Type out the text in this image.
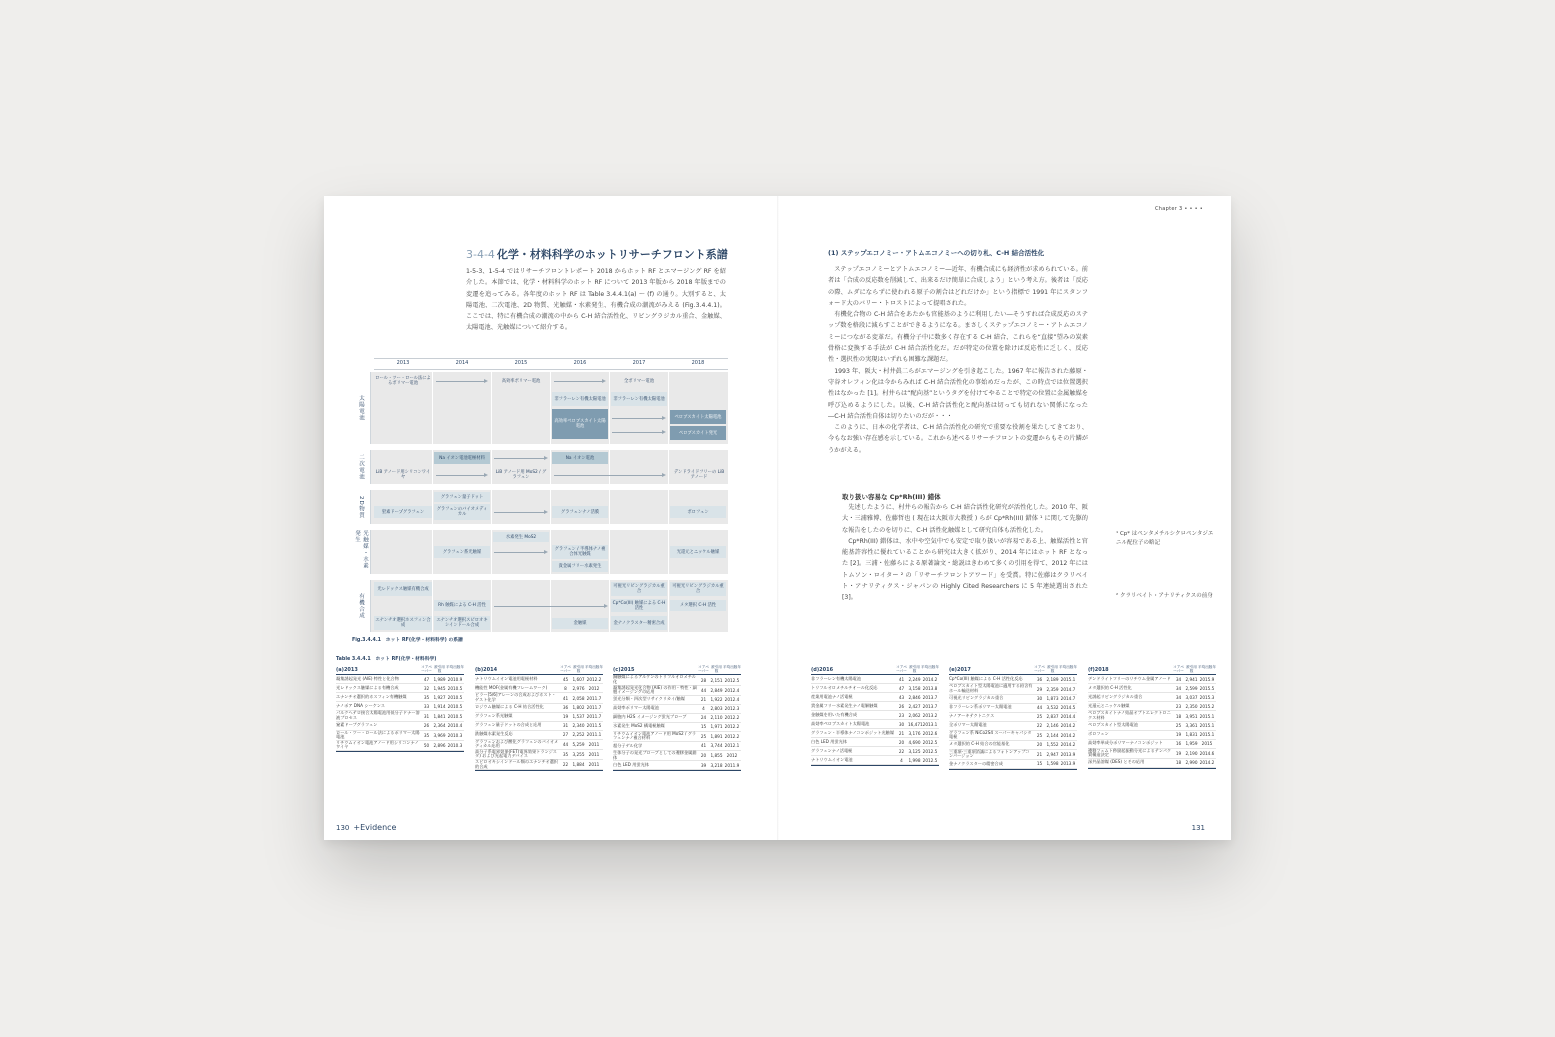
Chapter 3 • • • •
3-4-4 化学・材料科学のホットリサーチフロント系譜
1-5-3、1-5-4 ではリサーチフロントレポート 2018 からホット RF とエマージング RF を紹介した。本節では、化学・材料科学のホット RF について 2013 年版から 2018 年版までの変遷を追ってみる。各年度のホット RF は Table 3.4.4.1(a) 〜 (f) の通り。大別すると、太陽電池、二次電池、2D 物質、光触媒・水素発生、有機合成の潮流がみえる (Fig.3.4.4.1)。ここでは、特に有機合成の潮流の中から C-H 結合活性化、リビングラジカル重合、金触媒、太陽電池、光触媒について紹介する。
2013	2014	2015	2016	2017	2018
太陽電池
ロール・ツー・ロール法によるポリマー電池	高効率ポリマー電池	全ポリマー電池
非フラーレン有機太陽電池	非フラーレン有機太陽電池
高効率ペロブスカイト太陽電池
ペロブスカイト太陽電池
ペロブスカイト発光
二次電池	Na イオン電池電極材料	Na イオン電池
LiB アノード用シリコンワイヤ
LiB アノード用 MoS2 / グラフェン
デンドライドフリーの LiB アノード
2D物質	グラフェン量子ドット
窒素ドープグラフェン	グラフェンのバイオメディカル	グラフェンナノ活膜	ボロフェン
光触媒・水素発生	水素発生 MoS2
グラフェン系光触媒	グラフェン / 半導体ナノ複合体光触媒
貴金属フリー水素発生
光還元とニッケル触媒
有機合成
光レドックス触媒有機合成	可視光リビングラジカル重合
可視光リビングラジカル重合
Rh 触媒による C-H 活性	Cp*Co(III) 触媒による C-H 活性	メタ選択 C-H 活性
エナンチオ選択ホスフィン合成
エナンチオ選択スピロオキシインドール合成	金触媒	金ナノクラスター精密合成
Fig.3.4.4.1　ホット RF(化学・材料科学) の系譜
Table 3.4.4.1　ホット RF(化学・材料科学)
(a)2013
コアペーパー
被引用数
平均出版年
凝集誘起発光 (AIE) 特性と化合物	47	1,989 2010.9
光レドックス触媒による有機合成	32	1,945 2010.5
エナンチオ選択的ホスフィン有機触媒	35	1,927 2010.5
ナノポア DNA シーケンス	33	1,914 2010.5
パルクヘテロ接合太陽電池用低分子ドナー溶液プロセス	31	1,841 2010.5
窒素ドープグラフェン	26	2,364 2010.4
ロール・ツー・ロール法によるポリマー太陽電池	35	3,969 2010.3
リチウムイオン電池アノード用シリコンナノワイヤ	50	2,896 2010.3
(b)2014
コアペーパー
被引用数
平均出版年
ナトリウムイオン電池用電極材料	45	1,607 2012.2
機能性 MOF(金属有機フレームワーク)	8	2,976 2012
ピラー[5/6]アレーンの合成およびホスト・ゲスト化学	41	2,058 2011.7
ロジウム触媒による C-H 結合活性化	36	1,802 2011.7
グラフェン系光触媒	19	1,537 2011.7
グラフェン量子ドットの合成と応用	31	2,340 2011.5
鉄触媒水素発生反応	27	2,252 2011.1
グラフェンおよび酸化グラフェンのバイオメディカル応用	44	5,259 2011
高分子系電界効果(FET)電界効果トランジスタ) および光起電力デバイス	35	3,255 2011
スピロオキシインドール類のエナンチオ選択的合成	22	1,884 2011
(c)2015
コアペーパー
被引用数
平均出版年
銅触媒によるアルケンのトリフルオロメチル化	28	2,151 2012.5
凝集誘起発光化合物 (AIE) の作用・特性・細胞イメージングの応用	44	2,849 2012.4
蛍光分類・四次型リサイクリカイ/触媒	21	1,922 2012.4
高効率ポリマー太陽電池	4	2,803 2012.3
細胞内 H2S イメージング蛍光プローブ	24	2,110 2012.2
水素発生 MoS2 構電極触媒	15	1,971 2012.2
リチウムイオン電池アノード用 MoS2 / グラフェンナノ複合材料	25	1,891 2012.2
超分子ゲル化学	41	3,744 2012.1
生体分子の発光プローブとしての遷移金属錯体	20	1,855 2012
白色 LED 用蛍光体	39	3,218 2011.9
(d)2016
コアペーパー
被引用数
平均出版年
非フラーレン有機太陽電池	41	2,249 2014.2
トリフルオロメチルチオール化反応	47	3,158 2013.8
産業用電池ナノ活電極	43	2,846 2013.7
貴金属フリー水素発生ナノ電解触媒	26	2,427 2013.7
金触媒を用いた有機合成	23	2,062 2013.2
高効率ペロブスカイト太陽電池	30 16,471 2013.1
グラフェン・半導体ナノコンポジット光触媒	21	3,176 2012.6
白色 LED 用蛍光体	20	4,690 2012.5
グラフェンナノ活電極	22	3,125 2012.5
ナトリウムイオン電池	4	1,998 2012.5
(e)2017
コアペーパー
被引用数
平均出版年
Cp*Co(III) 触媒による C-H 活性化反応	36	2,189 2015.1
ペロブスカイト型太陽電池に適用する鉛含有ホール輸送材料	29	2,359 2014.7
可視光リビングラジカル重合	30	1,873 2014.7
非フラーレン系ポリマー太陽電池	44	3,532 2014.5
ナノアーキテクトニクス	25	2,837 2014.4
全ポリマー太陽電池	22	2,146 2014.2
グラフェン系 NiCo2S4 スーパーキャパシタ電極	25	2,144 2014.2
メタ選択的 C-H 結合の官能基化	20	1,552 2014.2
三重項-三重項消滅によるフォトンアップコンバージョン	21	2,947 2013.9
金ナノクラスターの精密合成	15	1,598 2013.9
(f)2018
コアペーパー
被引用数
平均出版年
デンドライトフリーのリチウム金属アノード	34	2,941 2015.9
メタ選択的 C-H 活性化	34	2,599 2015.5
光誘起リビングラジカル重合	34	3,037 2015.3
光還元とニッケル触媒	23	2,350 2015.2
ペロブスカイトナノ結晶オプトエレクトロニクス材料	18	3,951 2015.1
ペロブスカイト型太陽電池	25	3,361 2015.1
ボロフェン	19	1,831 2015.1
高効率単成分ポリマーナノコンポジット	16	1,959 2015
遷移フェムト秒励起振動分光によるテンパク質構造決定	19	2,190 2014.6
深共晶溶媒 (DES) とその応用	18	2,990 2014.2
130 +Evidence
(1) ステップエコノミー・アトムエコノミーへの切り札、C-H 結合活性化
ステップエコノミーとアトムエコノミー―近年、有機合成にも経済性が求められている。前者は「合成の反応数を削減して、出来るだけ簡単に合成しよう」という考え方。後者は「反応の際、ムダにならずに使われる原子の割合はどれだけか」という指標で 1991 年にスタンフォード大のバリー・トロストによって提唱された。
有機化合物の C-H 結合をあたかも官能基のように利用したい―そうすれば合成反応のステップ数を格段に減らすことができるようになる。まさしくステップエコノミー・アトムエコノミーにつながる変革だ。有機分子中に数多く存在する C-H 結合、これらを“直接”望みの炭素骨格に変換する手法が C-H 結合活性化だ。だが特定の位置を除けば反応性に乏しく、反応性・選択性の実現はいずれも困難な課題だ。
1993 年、阪大・村井眞二らがエマージングを引き起こした。1967 年に報告された藤原・守谷オレフィン化は今からみれば C-H 結合活性化の事始めだったが、この時点では位置選択性はなかった [1]。村井らは“配向基”というタグを付けてやることで特定の位置に金属触媒を呼び込めるようにした。以後、C-H 結合活性化と配向基は切っても切れない関係になった―C-H 結合活性自体は切りたいのだが・・・
このように、日本の化学者は、C-H 結合活性化の研究で重要な役割を果たしてきており、今もなお強い存在感を示している。これから述べるリサーチフロントの変遷からもその片鱗がうかがえる。
取り扱い容易な Cp*Rh(III) 錯体
先述したように、村井らの報告から C-H 結合活性化研究が活性化した。2010 年、阪大・三浦雅博、佐藤哲也 ( 現在は大阪市大教授 ) らが Cp*Rh(III) 錯体 ¹ に関して先駆的な報告をしたのを切りに、C-H 活性化触媒として研究自体も活性化した。
Cp*Rh(III) 錯体は、水中や空気中でも安定で取り扱いが容易である上、触媒活性と官能基許容性に優れていることから研究は大きく拡がり、2014 年にはホット RF となった [2]。三浦・佐藤らによる原著論文・総説はきわめて多くの引用を得て、2012 年にはトムソン・ロイター ² の「リサーチフロントアワード」を受賞。特に佐藤はクラリベイト・アナリティクス・ジャパンの Highly Cited Researchers に 5 年連続選出された [3]。
¹ Cp* はペンタメチルシクロペンタジエニル配位子の略記
² クラリベイト・アナリティクスの前身
131
